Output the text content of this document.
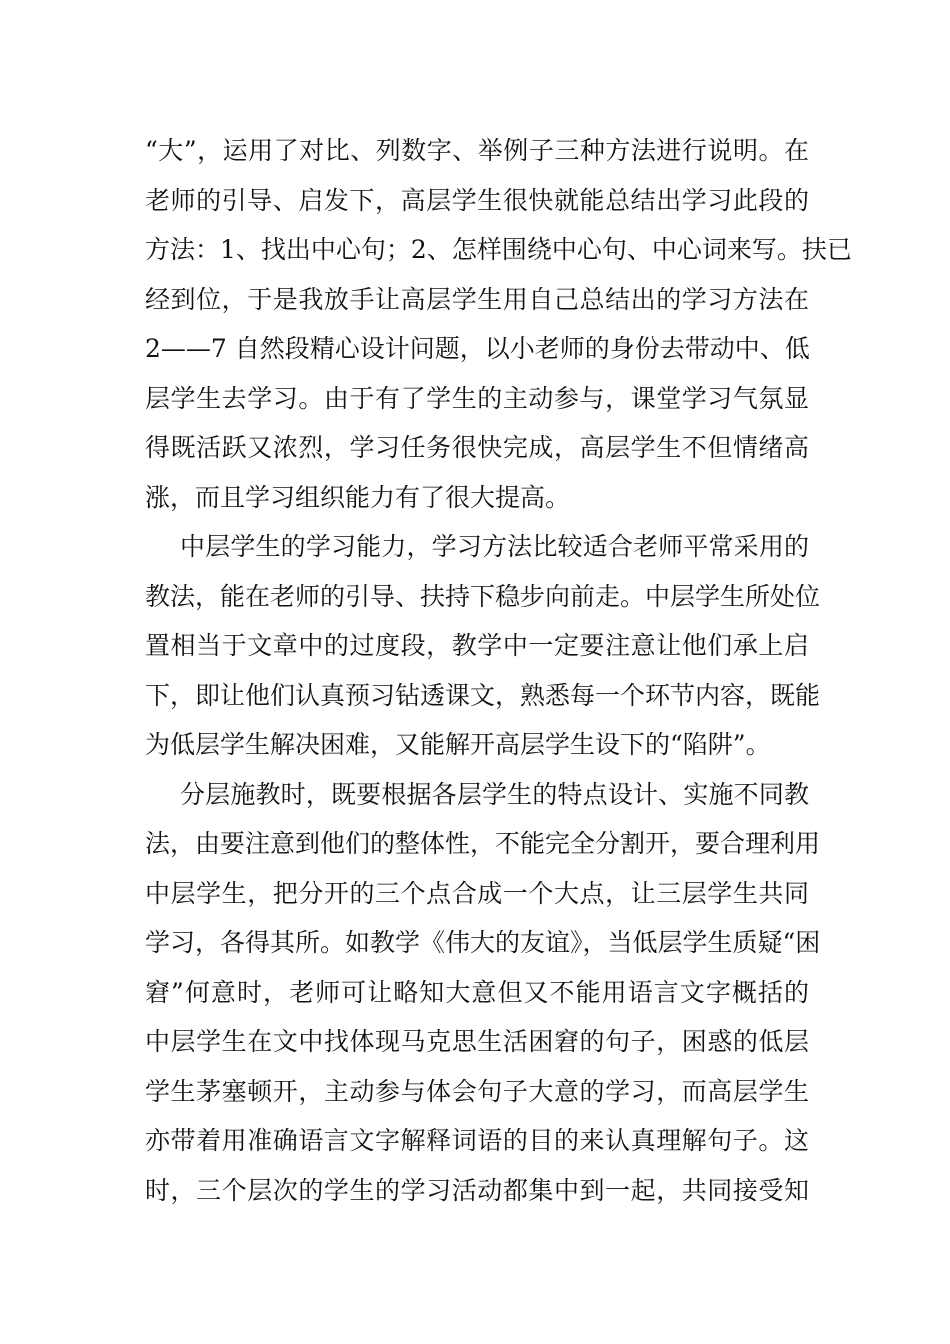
“大”，运用了对比、列数字、举例子三种方法进行说明。在
老师的引导、启发下，高层学生很快就能总结出学习此段的
方法：1、找出中心句；2、怎样围绕中心句、中心词来写。扶已
经到位，于是我放手让高层学生用自己总结出的学习方法在
2——7 自然段精心设计问题，以小老师的身份去带动中、低
层学生去学习。由于有了学生的主动参与，课堂学习气氛显
得既活跃又浓烈，学习任务很快完成，高层学生不但情绪高
涨，而且学习组织能力有了很大提高。

中层学生的学习能力，学习方法比较适合老师平常采用的
教法，能在老师的引导、扶持下稳步向前走。中层学生所处位
置相当于文章中的过度段，教学中一定要注意让他们承上启
下，即让他们认真预习钻透课文，熟悉每一个环节内容，既能
为低层学生解决困难，又能解开高层学生设下的“陷阱”。

分层施教时，既要根据各层学生的特点设计、实施不同教
法，由要注意到他们的整体性，不能完全分割开，要合理利用
中层学生，把分开的三个点合成一个大点，让三层学生共同
学习，各得其所。如教学《伟大的友谊》，当低层学生质疑“困
窘”何意时，老师可让略知大意但又不能用语言文字概括的
中层学生在文中找体现马克思生活困窘的句子，困惑的低层
学生茅塞顿开，主动参与体会句子大意的学习，而高层学生
亦带着用准确语言文字解释词语的目的来认真理解句子。这
时，三个层次的学生的学习活动都集中到一起，共同接受知
